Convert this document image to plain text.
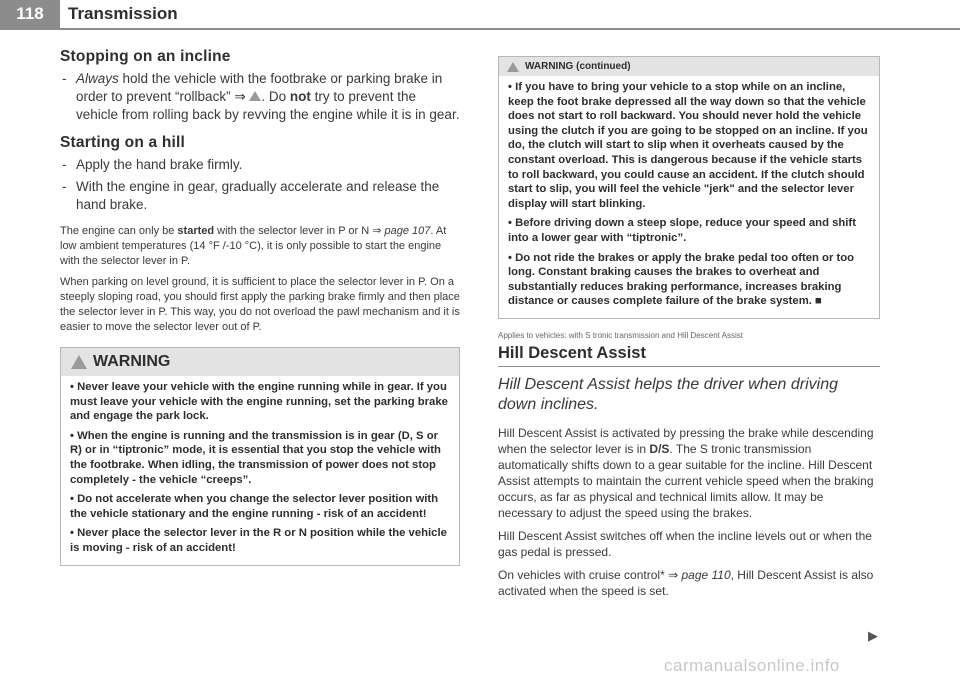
118	Transmission
Stopping on an incline
- Always hold the vehicle with the footbrake or parking brake in order to prevent “rollback” ⇒ . Do not try to prevent the vehicle from rolling back by revving the engine while it is in gear.
Starting on a hill
- Apply the hand brake firmly.
- With the engine in gear, gradually accelerate and release the hand brake.

The engine can only be started with the selector lever in P or N ⇒ page 107. At low ambient temperatures (14 °F /-10 °C), it is only possible to start the engine with the selector lever in P.

When parking on level ground, it is sufficient to place the selector lever in P. On a steeply sloping road, you should first apply the parking brake firmly and then place the selector lever in P. This way, you do not overload the pawl mechanism and it is easier to move the selector lever out of P.

WARNING

• Never leave your vehicle with the engine running while in gear. If you must leave your vehicle with the engine running, set the parking brake and engage the park lock.

• When the engine is running and the transmission is in gear (D, S or R) or in “tiptronic” mode, it is essential that you stop the vehicle with the footbrake. When idling, the transmission of power does not stop completely - the vehicle “creeps”.

• Do not accelerate when you change the selector lever position with the vehicle stationary and the engine running - risk of an accident!

• Never place the selector lever in the R or N position while the vehicle is moving - risk of an accident!

WARNING (continued)

• If you have to bring your vehicle to a stop while on an incline, keep the foot brake depressed all the way down so that the vehicle does not start to roll backward. You should never hold the vehicle using the clutch if you are going to be stopped on an incline. If you do, the clutch will start to slip when it overheats caused by the constant overload. This is dangerous because if the vehicle starts to roll backward, you could cause an accident. If the clutch should start to slip, you will feel the vehicle "jerk" and the selector lever display will start blinking.

• Before driving down a steep slope, reduce your speed and shift into a lower gear with “tiptronic”.

• Do not ride the brakes or apply the brake pedal too often or too long. Constant braking causes the brakes to overheat and substantially reduces braking performance, increases braking distance or causes complete failure of the brake system. ■

Applies to vehicles: with S tronic transmission and Hill Descent Assist
Hill Descent Assist
Hill Descent Assist helps the driver when driving down inclines.

Hill Descent Assist is activated by pressing the brake while descending when the selector lever is in D/S. The S tronic transmission automatically shifts down to a gear suitable for the incline. Hill Descent Assist attempts to maintain the current vehicle speed when the braking occurs, as far as physical and technical limits allow. It may be necessary to adjust the speed using the brakes.

Hill Descent Assist switches off when the incline levels out or when the gas pedal is pressed.

On vehicles with cruise control* ⇒ page 110, Hill Descent Assist is also activated when the speed is set.

▶
carmanualsonline.info
